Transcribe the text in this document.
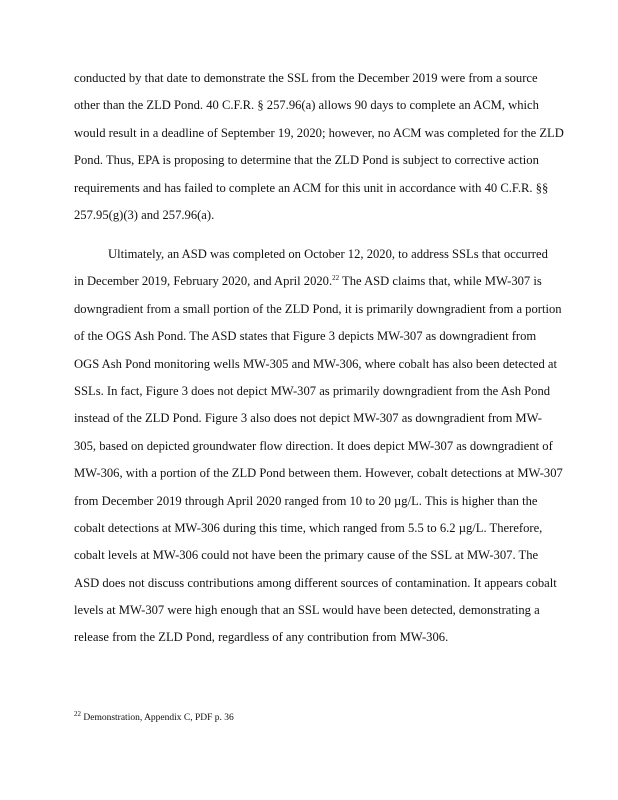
conducted by that date to demonstrate the SSL from the December 2019 were from a source
other than the ZLD Pond. 40 C.F.R. § 257.96(a) allows 90 days to complete an ACM, which
would result in a deadline of September 19, 2020; however, no ACM was completed for the ZLD
Pond. Thus, EPA is proposing to determine that the ZLD Pond is subject to corrective action
requirements and has failed to complete an ACM for this unit in accordance with 40 C.F.R. §§
257.95(g)(3) and 257.96(a).
Ultimately, an ASD was completed on October 12, 2020, to address SSLs that occurred
in December 2019, February 2020, and April 2020.22 The ASD claims that, while MW-307 is
downgradient from a small portion of the ZLD Pond, it is primarily downgradient from a portion
of the OGS Ash Pond. The ASD states that Figure 3 depicts MW-307 as downgradient from
OGS Ash Pond monitoring wells MW-305 and MW-306, where cobalt has also been detected at
SSLs. In fact, Figure 3 does not depict MW-307 as primarily downgradient from the Ash Pond
instead of the ZLD Pond. Figure 3 also does not depict MW-307 as downgradient from MW-
305, based on depicted groundwater flow direction. It does depict MW-307 as downgradient of
MW-306, with a portion of the ZLD Pond between them. However, cobalt detections at MW-307
from December 2019 through April 2020 ranged from 10 to 20 µg/L. This is higher than the
cobalt detections at MW-306 during this time, which ranged from 5.5 to 6.2 µg/L. Therefore,
cobalt levels at MW-306 could not have been the primary cause of the SSL at MW-307. The
ASD does not discuss contributions among different sources of contamination. It appears cobalt
levels at MW-307 were high enough that an SSL would have been detected, demonstrating a
release from the ZLD Pond, regardless of any contribution from MW-306.
$^{22}$ Demonstration, Appendix C, PDF p. 36
